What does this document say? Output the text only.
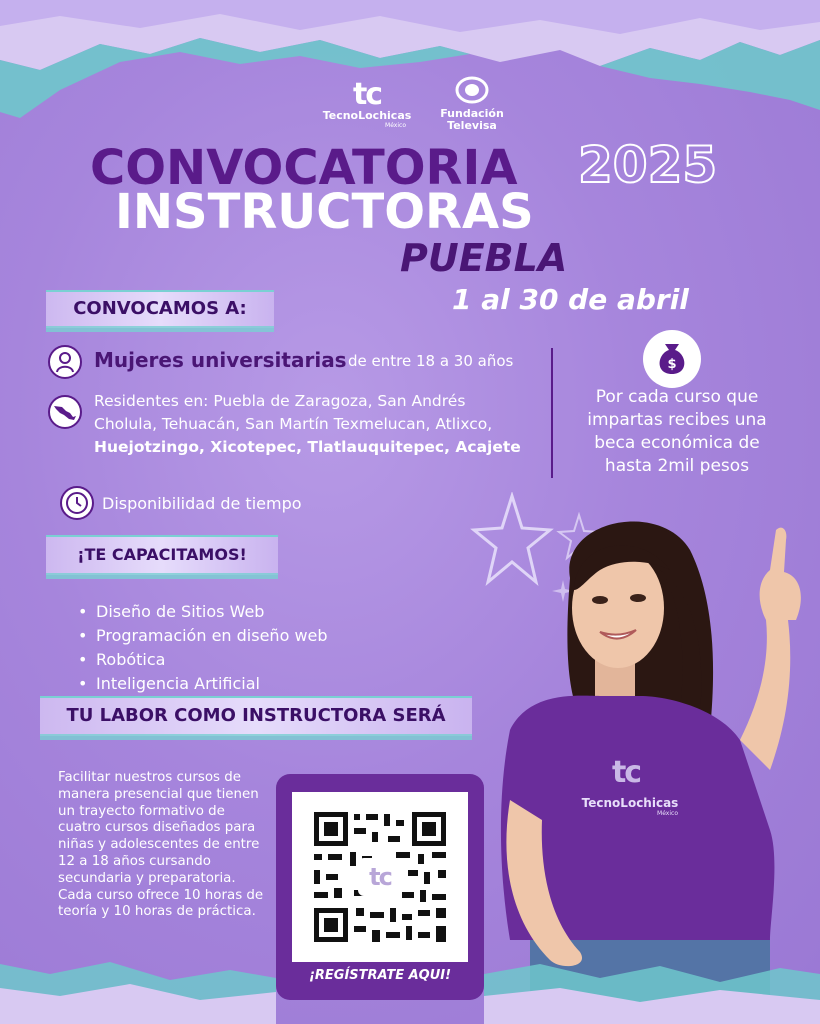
tc
TecnoLochicas
México
Fundación
Televisa
CONVOCATORIA 2025
INSTRUCTORAS
PUEBLA
1 al 30 de abril
CONVOCAMOS A:
Mujeres universitarias de entre 18 a 30 años
Residentes en: Puebla de Zaragoza, San Andrés Cholula, Tehuacán, San Martín Texmelucan, Atlixco, Huejotzingo, Xicotepec, Tlatlauquitepec, Acajete
Disponibilidad de tiempo
$
Por cada curso que impartas recibes una beca económica de hasta 2mil pesos
¡TE CAPACITAMOS!
• Diseño de Sitios Web
• Programación en diseño web
• Robótica
• Inteligencia Artificial
TU LABOR COMO INSTRUCTORA SERÁ
Facilitar nuestros cursos de manera presencial que tienen un trayecto formativo de cuatro cursos diseñados para niñas y adolescentes de entre 12 a 18 años cursando secundaria y preparatoria. Cada curso ofrece 10 horas de teoría y 10 horas de práctica.
tc
¡REGÍSTRATE AQUI!
tc
TecnoLochicas
México
